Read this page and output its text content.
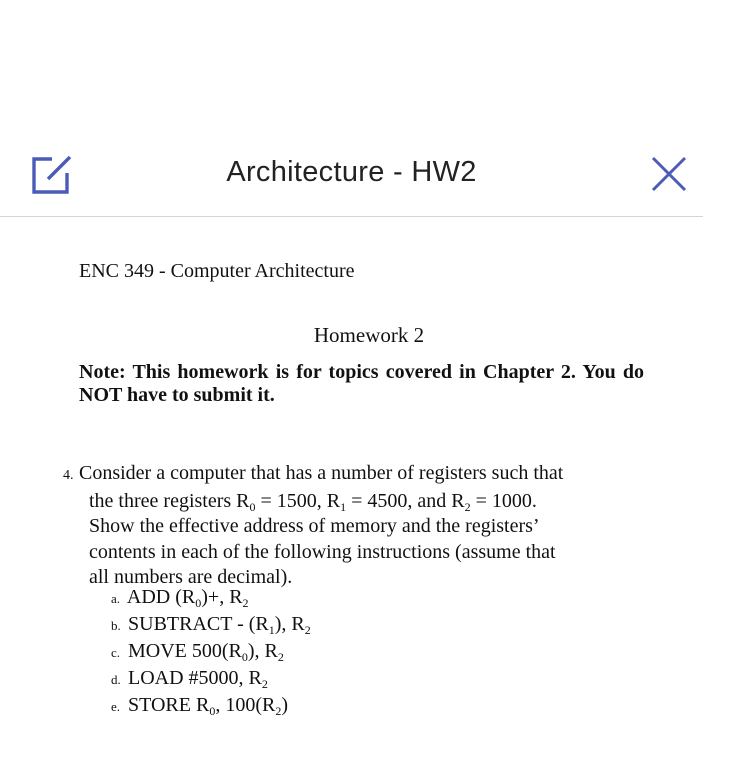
Architecture - HW2
ENC 349 - Computer Architecture
Homework 2
Note: This homework is for topics covered in Chapter 2. You do NOT have to submit it.
4. Consider a computer that has a number of registers such that
the three registers $R_0 = 1500$, $R_1 = 4500$, and $R_2 = 1000$.
Show the effective address of memory and the registers’
contents in each of the following instructions (assume that
all numbers are decimal).
a. ADD $(R_0)+$, $R_2$
b. SUBTRACT - $(R_1)$, $R_2$
c. MOVE $500(R_0)$, $R_2$
d. LOAD #5000, $R_2$
e. STORE $R_0$, $100(R_2)$
